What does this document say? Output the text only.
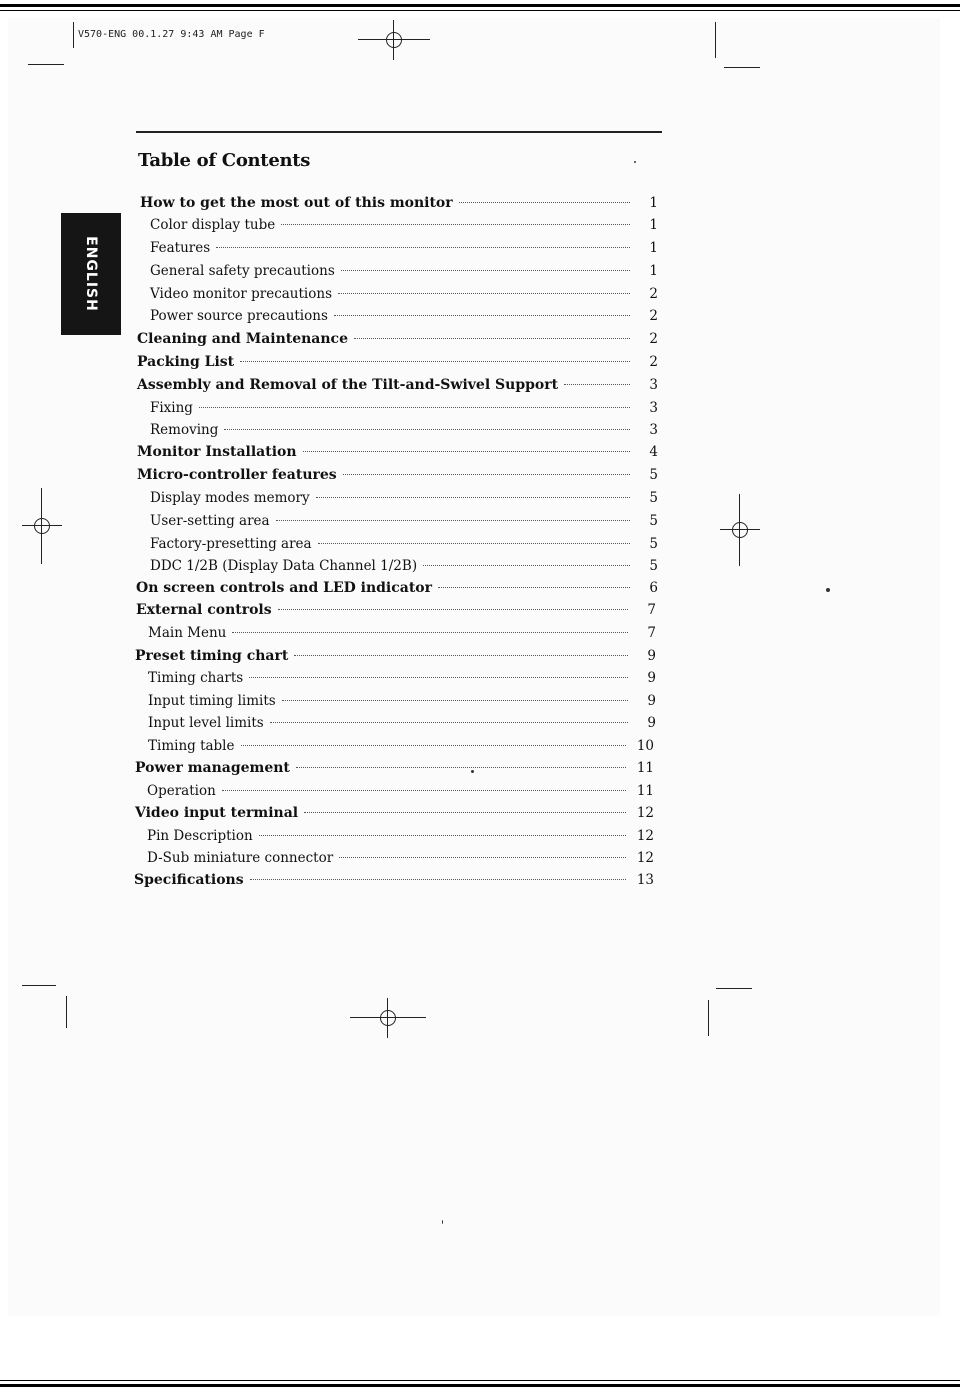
V570-ENG 00.1.27 9:43 AM Page F
ENGLISH
Table of Contents
How to get the most out of this monitor	1
Color display tube	1
Features	1
General safety precautions	1
Video monitor precautions	2
Power source precautions	2
Cleaning and Maintenance	2
Packing List	2
Assembly and Removal of the Tilt-and-Swivel Support	3
Fixing	3
Removing	3
Monitor Installation	4
Micro-controller features	5
Display modes memory	5
User-setting area	5
Factory-presetting area	5
DDC 1/2B (Display Data Channel 1/2B)	5
On screen controls and LED indicator	6
External controls	7
Main Menu	7
Preset timing chart	9
Timing charts	9
Input timing limits	9
Input level limits	9
Timing table	10
Power management	11
Operation	11
Video input terminal	12
Pin Description	12
D-Sub miniature connector	12
Specifications	13
